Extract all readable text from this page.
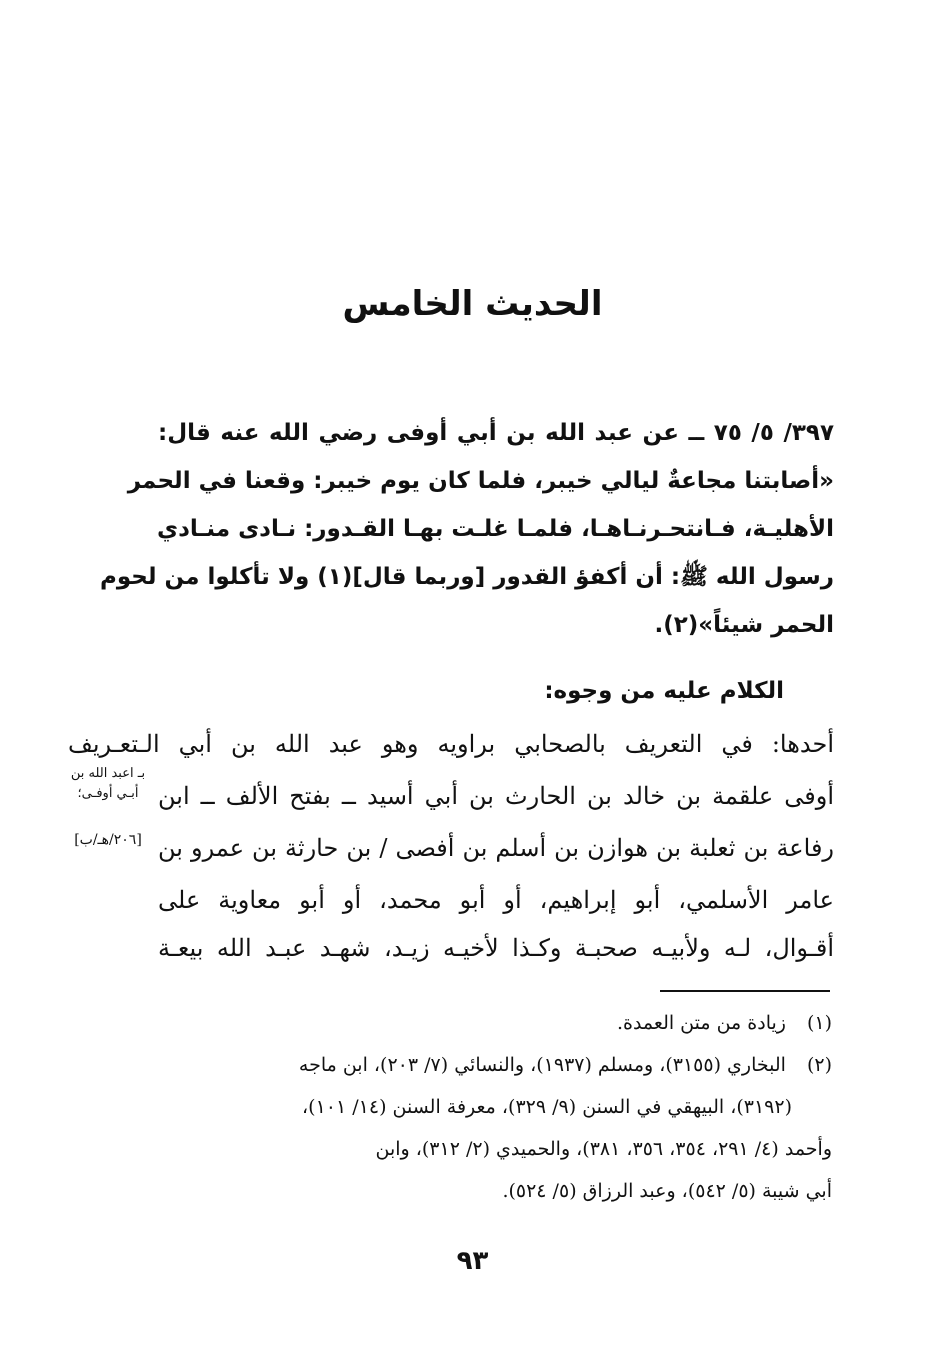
الحديث الخامس
٣٩٧/ ٥/ ٧٥ ــ عن عبد الله بن أبي أوفى رضي الله عنه قال:
«أصابتنا مجاعةٌ ليالي خيبر، فلما كان يوم خيبر: وقعنا في الحمر
الأهليـة، فـانتحـرنـاهـا، فلمـا غلـت بهـا القـدور: نـادى منـادي
رسول الله ﷺ: أن أكفؤ القدور [وربما قال](١) ولا تأكلوا من لحوم
الحمر شيئاً»(٢).
الكلام عليه من وجوه:
أحدها: في التعريف بالصحابي براويه وهو عبد الله بن أبي الـتعـريف
أوفى علقمة بن خالد بن الحارث بن أبي أسيد ــ بفتح الألف ــ ابن
رفاعة بن ثعلبة بن هوازن بن أسلم بن أفصى / بن حارثة بن عمرو بن
عامر الأسلمي، أبو إبراهيم، أو أبو محمد، أو أبو معاوية على
أقـوال، لـه ولأبيـه صحبـة وكـذا لأخيـه زيـد، شهـد عبـد الله بيعـة
بـ اعبد الله بن
أبـي أوفـى؛
[٢٠٦/هـ/ب]
(١) زيادة من متن العمدة.
(٢) البخاري (٣١٥٥)، ومسلم (١٩٣٧)، والنسائي (٧/ ٢٠٣)، ابن ماجه
(٣١٩٢)، البيهقي في السنن (٩/ ٣٢٩)، معرفة السنن (١٤/ ١٠١)،
وأحمد (٤/ ٢٩١، ٣٥٤، ٣٥٦، ٣٨١)، والحميدي (٢/ ٣١٢)، وابن
أبي شيبة (٥/ ٥٤٢)، وعبد الرزاق (٥/ ٥٢٤).
٩٣
